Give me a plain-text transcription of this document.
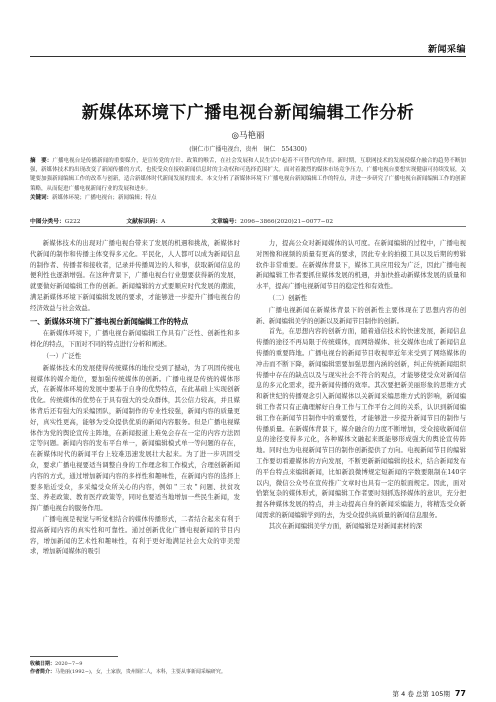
新闻采编
新媒体环境下广播电视台新闻编辑工作分析
◎马艳丽
(铜仁市广播电视台，贵州　铜仁　554300)
摘　要：广播电视台是传播新闻的重要媒介，是宣传党的方针、政策的喉舌，在社会发展和人民生活中起着不可替代的作用。新时期，互联网技术的发展使媒介融合的趋势不断加强，新媒体技术的出现改变了新闻传播的方式，也使受众在接收新闻信息时的主动权和可选择范围扩大。面对着激烈的媒体市场竞争压力，广播电视台要想实现健康可持续发展，关键要加强新闻编辑工作的改革与创新，适合新媒体时代新闻发展的需求。本文分析了新媒体环境下广播电视台新闻编辑工作的特点，并进一步研究了广播电视台新闻编辑工作的创新策略，从而促进广播电视新闻行业的发展和进步。
关键词：新媒体环境；广播电视台；新闻编辑；特点
中图分类号：G222	文献标识码：A	文章编号：2096−3866(2020)21−0077−02

新媒体技术的出现对广播电视台带来了发展的机遇和挑战，新媒体时代新闻的制作和传播主体变得多元化。平民化，人人都可以成为新闻信息的制作者、传播者和接收者，记录并传播周边的人和事，获取新闻信息的便利性也逐渐增强。在这种背景下，广播电视台行业想要获得新的发展，就要做好新闻编辑工作的创新。新闻编辑的方式要顺应时代发展的潮流，满足新媒体环境下新闻编辑发展的要求，才能够进一步提升广播电视台的经济效益与社会效益。

一、新媒体环境下广播电视台新闻编辑工作的特点

在新媒体环境下，广播电视台新闻编辑工作具有广泛性、创新性和多样化的特点，下面对不同的特点进行分析和阐述。

（一）广泛性

新媒体技术的发展使得传统媒体的地位受到了撼动，为了巩固传统电视媒体的媒介地位，要加强传统媒体的创新。广播电视是传统的媒体形式，在新媒体环境的发展中要基于自身的优势特点，在此基础上实现创新优化。传统媒体的优势在于具有强大的受众群体，其公信力较高，并且媒体背后还有强大的采编团队，新闻制作的专业性较强，新闻内容的质量更好，真实性更高，能够为受众提供优质的新闻内容服务。但是广播电视媒体作为党的舆论宣传主阵地，在新闻报道上难免会存在一定的内容方法固定等问题。新闻内容的发布平台单一，新闻编辑模式单一等问题的存在，在新媒体时代的新闻平台上较难迅速发展壮大起来。为了进一步巩固受众，要求广播电视要适当调整自身的工作理念和工作模式，合理创新新闻内容的方式，通过增加新闻内容的多样性和趣味性，在新闻内容的选择上要多贴近受众，多采编受众所关心的内容，例如＂三农＂问题、扶贫攻坚、养老政策、教育医疗政策等，同时也要适当地增加一些民生新闻，发挥广播电视台的服务作用。

广播电视是视觉与听觉相结合的媒体传播形式，二者结合起来有利于提高新闻内容的真实性和可靠性。通过创新优化广播电视新闻的节目内容，增加新闻的艺术性和趣味性，有利于更好地满足社会大众的审美需求，增加新闻媒体的吸引

力，提高公众对新闻媒体的认可度。在新闻编辑的过程中，广播电视对图像和视频的质量有更高的要求，因此专业的拍摄工具以及后期的剪辑软件非常重要。在新媒体背景下，媒体工具应用较为广泛，因此广播电视新闻编辑工作者要抓住媒体发展的机遇，并加快推动新媒体发展的质量和水平，提高广播电视新闻节目的稳定性和有效性。

（二）创新性

广播电视新闻在新媒体背景下的创新性主要体现在了思想内容的创新、新闻编辑美学的创新以及新闻节目制作的创新。

首先，在思想内容的创新方面，随着通信技术的快速发展，新闻信息传播的途径不再局限于传统媒体，而网络媒体、社交媒体也成了新闻信息传播的重要阵地。广播电视台的新闻节目收视率近年来受到了网络媒体的冲击而不断下降，新闻编辑需要加强思想内涵的创新，纠正传统新闻组织传播中存在的缺点以及与现实社会不符合的观点，才能够使受众对新闻信息的多元化需求，提升新闻传播的效率。其次要把新美丽形象的思维方式和新世纪的传播观念引入新闻媒体以关新闻采编思维方式的影响，新闻编辑工作者只有正确理解好自身工作与工作平台之间的关系，认识到新闻编辑工作在新闻节目制作中的重要性，才能够进一步提升新闻节目的制作与传播质量。在新媒体背景下，媒介融合的力度不断增加，受众接收新闻信息的途径变得多元化，各种媒体文融起来既能够形成强大的舆论宣传阵地。同时也为电视新闻节目的制作创新提供了方向。电视新闻节目的编辑工作要切看避媒体的方向发展，不断更新新闻编辑的技术，结合新闻发布的平台特点来编辑新闻，比如新浪微博规定短新闻的字数要限制在140字以内，微信公众号在宣传推广文章时也具有一定的版面规定。因此，面对恰繁复杂的媒体形式，新闻编辑工作者要时刻抓选择媒体的意识，充分把握各种媒体发展的特点，并主动提高自身的新闻采编能力，将精选受众新闻需求的新闻编辑学到的去，为受众提供高质量的新闻信息服务。

其次在新闻编辑美学方面，新闻编辑是对新闻素材的深

收稿日期：2020−7−9
作者简介：马艳丽(1992−)，女，土家族，贵州铜仁人，本科，主要从事新闻采编研究。
第 4 卷 总第 105期 77
